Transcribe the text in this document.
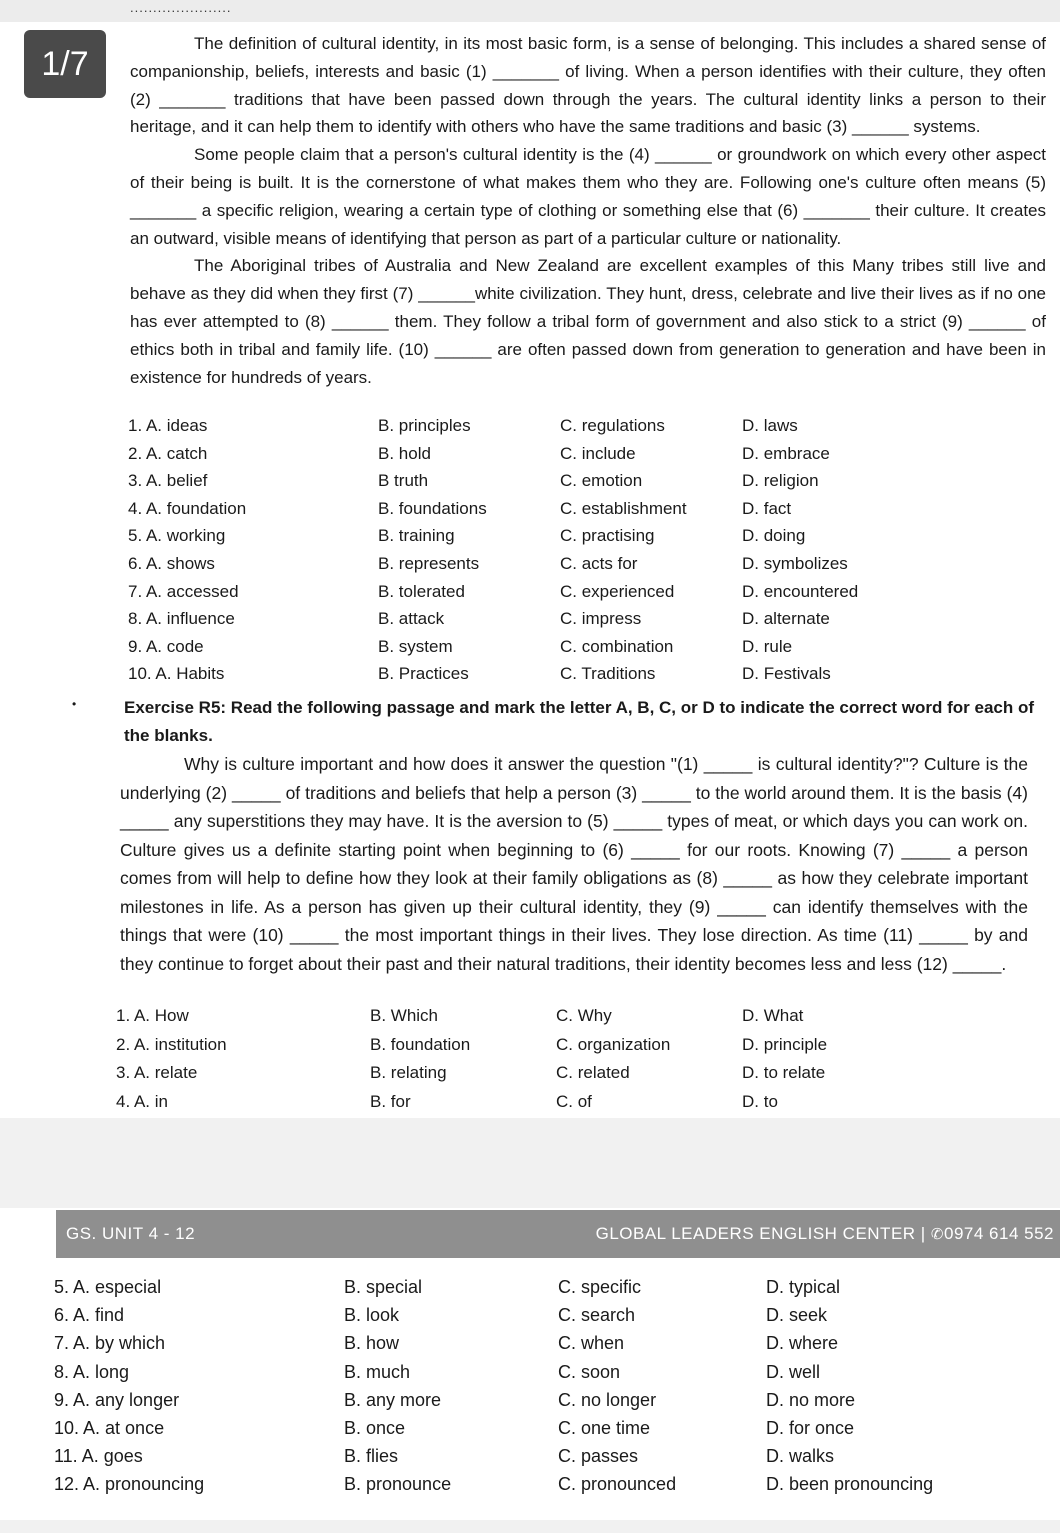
......................

The definition of cultural identity, in its most basic form, is a sense of belonging. This includes a shared sense of companionship, beliefs, interests and basic (1) _______ of living. When a person identifies with their culture, they often (2) _______ traditions that have been passed down through the years. The cultural identity links a person to their heritage, and it can help them to identify with others who have the same traditions and basic (3) ______ systems.

Some people claim that a person's cultural identity is the (4) ______ or groundwork on which every other aspect of their being is built. It is the cornerstone of what makes them who they are. Following one's culture often means (5) _______ a specific religion, wearing a certain type of clothing or something else that (6) _______ their culture. It creates an outward, visible means of identifying that person as part of a particular culture or nationality.

The Aboriginal tribes of Australia and New Zealand are excellent examples of this Many tribes still live and behave as they did when they first (7) ______white civilization. They hunt, dress, celebrate and live their lives as if no one has ever attempted to (8) ______ them. They follow a tribal form of government and also stick to a strict (9) ______ of ethics both in tribal and family life. (10) ______ are often passed down from generation to generation and have been in existence for hundreds of years.

1. A. ideas	B. principles	C. regulations	D. laws
2. A. catch	B. hold	C. include	D. embrace
3. A. belief	B truth	C. emotion	D. religion
4. A. foundation	B. foundations	C. establishment	D. fact
5. A. working	B. training	C. practising	D. doing
6. A. shows	B. represents	C. acts for	D. symbolizes
7. A. accessed	B. tolerated	C. experienced	D. encountered
8. A. influence	B. attack	C. impress	D. alternate
9. A. code	B. system	C. combination	D. rule
10. A. Habits	B. Practices	C. Traditions	D. Festivals
•	Exercise R5: Read the following passage and mark the letter A, B, C, or D to indicate the correct word for each of the blanks.

Why is culture important and how does it answer the question "(1) _____ is cultural identity?"? Culture is the underlying (2) _____ of traditions and beliefs that help a person (3) _____ to the world around them. It is the basis (4) _____ any superstitions they may have. It is the aversion to (5) _____ types of meat, or which days you can work on. Culture gives us a definite starting point when beginning to (6) _____ for our roots. Knowing (7) _____ a person comes from will help to define how they look at their family obligations as (8) _____ as how they celebrate important milestones in life. As a person has given up their cultural identity, they (9) _____ can identify themselves with the things that were (10) _____ the most important things in their lives. They lose direction. As time (11) _____ by and they continue to forget about their past and their natural traditions, their identity becomes less and less (12) _____.

1. A. How	B. Which	C. Why	D. What
2. A. institution	B. foundation	C. organization	D. principle
3. A. relate	B. relating	C. related	D. to relate
4. A. in	B. for	C. of	D. to
1/7
GS. UNIT 4 - 12	GLOBAL LEADERS ENGLISH CENTER | ✆0974 614 552
5. A. especial	B. special	C. specific	D. typical
6. A. find	B. look	C. search	D. seek
7. A. by which	B. how	C. when	D. where
8. A. long	B. much	C. soon	D. well
9. A. any longer	B. any more	C. no longer	D. no more
10. A. at once	B. once	C. one time	D. for once
11. A. goes	B. flies	C. passes	D. walks
12. A. pronouncing	B. pronounce	C. pronounced	D. been pronouncing
